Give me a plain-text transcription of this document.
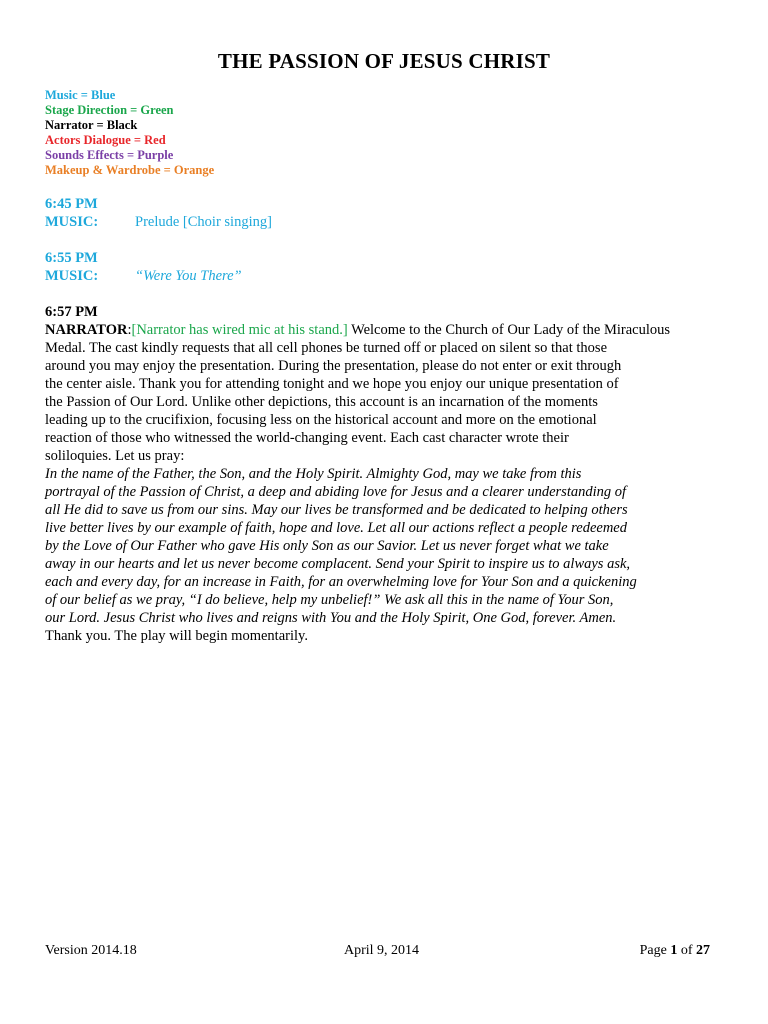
THE PASSION OF JESUS CHRIST
Music = Blue
Stage Direction = Green
Narrator = Black
Actors Dialogue = Red
Sounds Effects = Purple
Makeup & Wardrobe = Orange
6:45 PM
MUSIC:	Prelude [Choir singing]
6:55 PM
MUSIC:	“Were You There”
6:57 PM

NARRATOR:[Narrator has wired mic at his stand.] Welcome to the Church of Our Lady of the Miraculous

Medal. The cast kindly requests that all cell phones be turned off or placed on silent so that those around you may enjoy the presentation. During the presentation, please do not enter or exit through the center aisle. Thank you for attending tonight and we hope you enjoy our unique presentation of the Passion of Our Lord. Unlike other depictions, this account is an incarnation of the moments leading up to the crucifixion, focusing less on the historical account and more on the emotional reaction of those who witnessed the world-changing event. Each cast character wrote their soliloquies. Let us pray:

In the name of the Father, the Son, and the Holy Spirit. Almighty God, may we take from this portrayal of the Passion of Christ, a deep and abiding love for Jesus and a clearer understanding of all He did to save us from our sins. May our lives be transformed and be dedicated to helping others live better lives by our example of faith, hope and love. Let all our actions reflect a people redeemed by the Love of Our Father who gave His only Son as our Savior. Let us never forget what we take away in our hearts and let us never become complacent. Send your Spirit to inspire us to always ask, each and every day, for an increase in Faith, for an overwhelming love for Your Son and a quickening of our belief as we pray, “I do believe, help my unbelief!” We ask all this in the name of Your Son, our Lord. Jesus Christ who lives and reigns with You and the Holy Spirit, One God, forever. Amen.

Thank you. The play will begin momentarily.

Version 2014.18	April 9, 2014	Page 1 of 27
